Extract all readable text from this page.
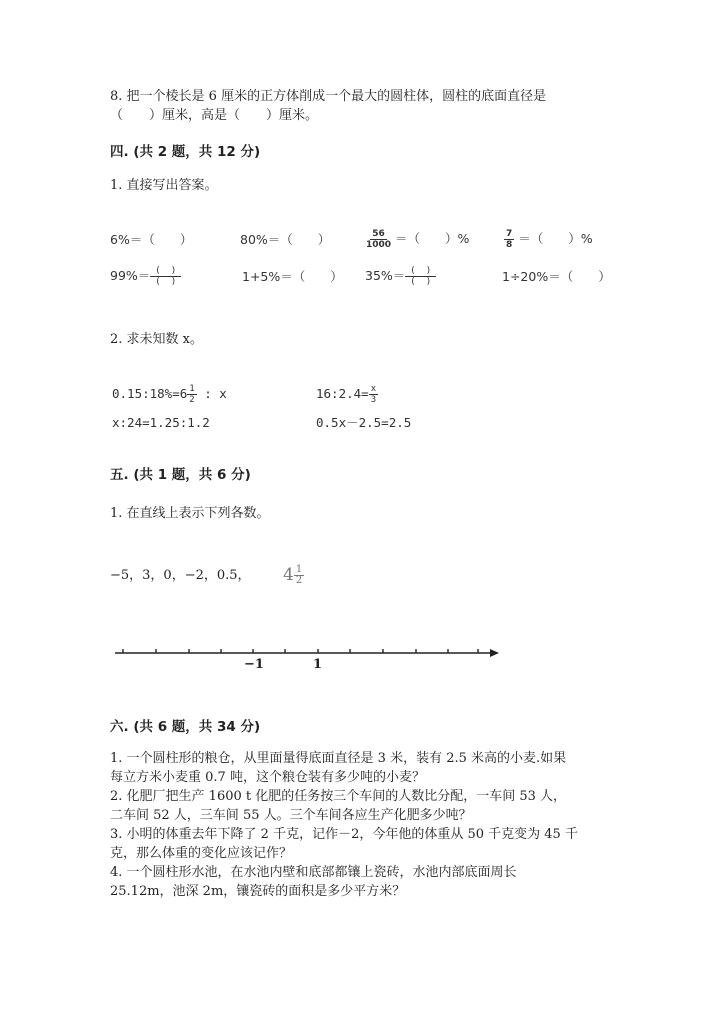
8. 把一个棱长是 6 厘米的正方体削成一个最大的圆柱体，圆柱的底面直径是
（　　）厘米，高是（　　）厘米。
四. (共 2 题，共 12 分)
1. 直接写出答案。
6%＝（　　）	80%＝（　　）	$\frac{56}{1000}$ ＝（　　）%	$\frac{7}{8}$ ＝（　　）%
$99\%= \frac{( )}{( )}$	1+5%＝（　　） $35\%= \frac{( )}{( )}$	1÷20%＝（　　）
2. 求未知数 x。
0.15:18%=6 $\frac{1}{2}$ : x	16:2.4= $\frac{x}{3}$
x:24=1.25:1.2	0.5x－2.5=2.5
五. (共 1 题，共 6 分)
1. 在直线上表示下列各数。
−5，3，0，−2，0.5， $4 \frac{1}{2}$
−1	1
六. (共 6 题，共 34 分)
1. 一个圆柱形的粮仓，从里面量得底面直径是 3 米，装有 2.5 米高的小麦.如果
每立方米小麦重 0.7 吨，这个粮仓装有多少吨的小麦？
2. 化肥厂把生产 1600 t 化肥的任务按三个车间的人数比分配，一车间 53 人，
二车间 52 人，三车间 55 人。三个车间各应生产化肥多少吨？
3. 小明的体重去年下降了 2 千克，记作－2，今年他的体重从 50 千克变为 45 千
克，那么体重的变化应该记作？
4. 一个圆柱形水池，在水池内壁和底部都镶上瓷砖，水池内部底面周长
25.12m，池深 2m，镶瓷砖的面积是多少平方米？
